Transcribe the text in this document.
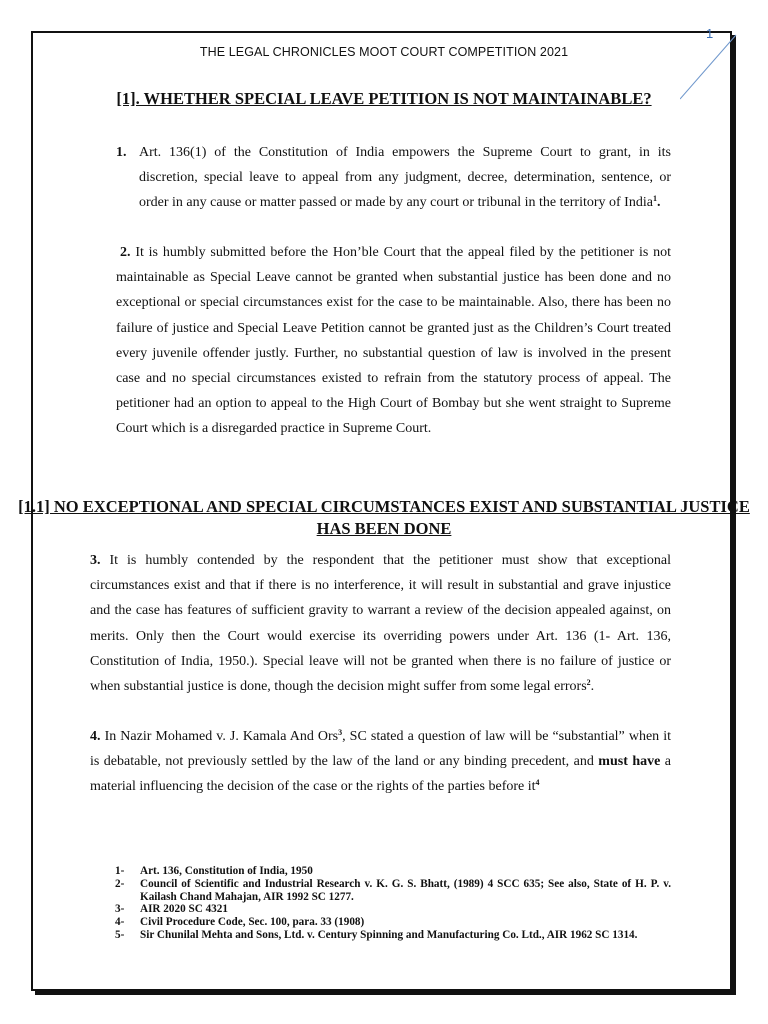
1
THE LEGAL CHRONICLES MOOT COURT COMPETITION 2021
[1]. WHETHER SPECIAL LEAVE PETITION IS NOT MAINTAINABLE?
1. Art. 136(1) of the Constitution of India empowers the Supreme Court to grant, in its discretion, special leave to appeal from any judgment, decree, determination, sentence, or order in any cause or matter passed or made by any court or tribunal in the territory of India$^1$.
2. It is humbly submitted before the Hon’ble Court that the appeal filed by the petitioner is not maintainable as Special Leave cannot be granted when substantial justice has been done and no exceptional or special circumstances exist for the case to be maintainable. Also, there has been no failure of justice and Special Leave Petition cannot be granted just as the Children’s Court treated every juvenile offender justly. Further, no substantial question of law is involved in the present case and no special circumstances existed to refrain from the statutory process of appeal. The petitioner had an option to appeal to the High Court of Bombay but she went straight to Supreme Court which is a disregarded practice in Supreme Court.
[1.1] NO EXCEPTIONAL AND SPECIAL CIRCUMSTANCES EXIST AND SUBSTANTIAL JUSTICE HAS BEEN DONE
3. It is humbly contended by the respondent that the petitioner must show that exceptional circumstances exist and that if there is no interference, it will result in substantial and grave injustice and the case has features of sufficient gravity to warrant a review of the decision appealed against, on merits. Only then the Court would exercise its overriding powers under Art. 136 (1- Art. 136, Constitution of India, 1950.). Special leave will not be granted when there is no failure of justice or when substantial justice is done, though the decision might suffer from some legal errors$^2$.
4. In Nazir Mohamed v. J. Kamala And Ors$^3$, SC stated a question of law will be “substantial” when it is debatable, not previously settled by the law of the land or any binding precedent, and must have a material influencing the decision of the case or the rights of the parties before $it^4$
1-	Art. 136, Constitution of India, 1950
2-	Council of Scientific and Industrial Research v. K. G. S. Bhatt, (1989) 4 SCC 635; See also, State of H. P. v. Kailash Chand Mahajan, AIR 1992 SC 1277.
3-	AIR 2020 SC 4321
4-	Civil Procedure Code, Sec. 100, para. 33 (1908)
5-	Sir Chunilal Mehta and Sons, Ltd. v. Century Spinning and Manufacturing Co. Ltd., AIR 1962 SC 1314.
